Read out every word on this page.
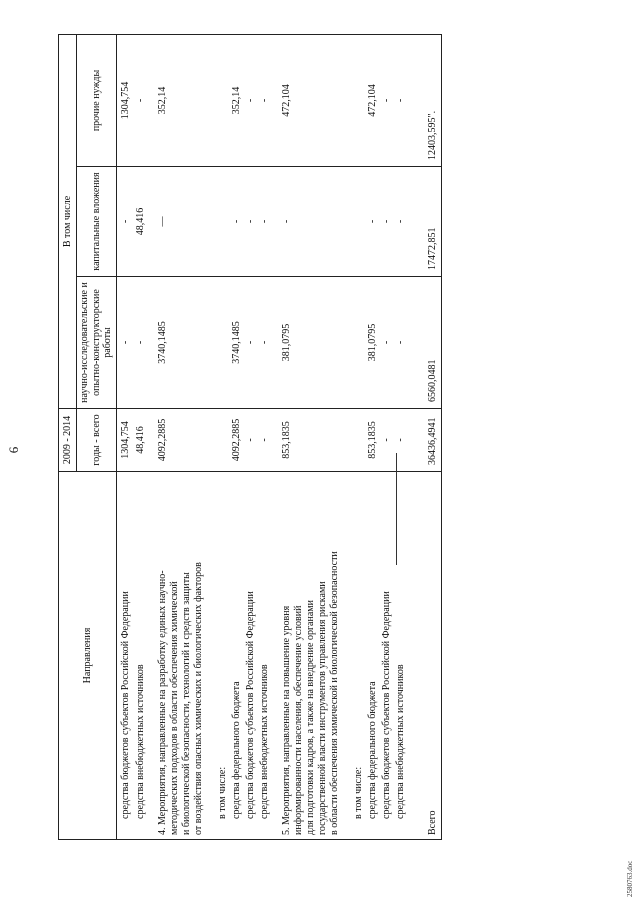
6
Направления	2009 - 2014	В том числе		
	годы - всего	научно-исследовательские и опытно-конструкторские работы	капитальные вложения	прочие нужды
средства бюджетов субъектов Российской Федерации	1304,754	-	-	1304,754
средства внебюджетных источников	48,416	-	48,416	-
4. Мероприятия, направленные на разработку единых научно-
методических подходов в области обеспечения химической
и биологической безопасности, технологий и средств защиты
от воздействия опасных химических и биологических факторов	4092,2885	3740,1485	—	352,14
в том числе:				
средства федерального бюджета	4092,2885	3740,1485	-	352,14
средства бюджетов субъектов Российской Федерации	-	-	-	-
средства внебюджетных источников	-	-	-	-
5. Мероприятия, направленные на повышение уровня
информированности населения, обеспечение условий
для подготовки кадров, а также на внедрение органами
государственной власти инструментов управления рисками
в области обеспечения химической и биологической безопасности	853,1835	381,0795	-	472,104
в том числе:				
средства федерального бюджета	853,1835	381,0795	-	472,104
средства бюджетов субъектов Российской Федерации	-	-	-	-
средства внебюджетных источников	-	-	-	-
Всего	36436,4941	6560,0481	17472,851	12403,595".
2580763.doc
